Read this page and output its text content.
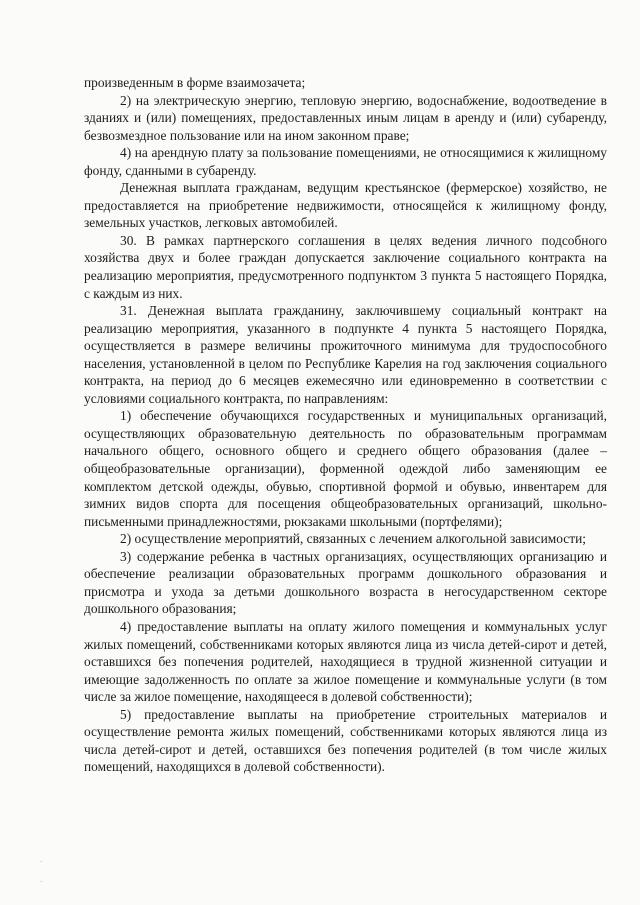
произведенным в форме взаимозачета;

2) на электрическую энергию, тепловую энергию, водоснабжение, водоотведение в зданиях и (или) помещениях, предоставленных иным лицам в аренду и (или) субаренду, безвозмездное пользование или на ином законном праве;

4) на арендную плату за пользование помещениями, не относящимися к жилищному фонду, сданными в субаренду.

Денежная выплата гражданам, ведущим крестьянское (фермерское) хозяйство, не предоставляется на приобретение недвижимости, относящейся к жилищному фонду, земельных участков, легковых автомобилей.

30. В рамках партнерского соглашения в целях ведения личного подсобного хозяйства двух и более граждан допускается заключение социального контракта на реализацию мероприятия, предусмотренного подпунктом 3 пункта 5 настоящего Порядка, с каждым из них.

31. Денежная выплата гражданину, заключившему социальный контракт на реализацию мероприятия, указанного в подпункте 4 пункта 5 настоящего Порядка, осуществляется в размере величины прожиточного минимума для трудоспособного населения, установленной в целом по Республике Карелия на год заключения социального контракта, на период до 6 месяцев ежемесячно или единовременно в соответствии с условиями социального контракта, по направлениям:

1) обеспечение обучающихся государственных и муниципальных организаций, осуществляющих образовательную деятельность по образовательным программам начального общего, основного общего и среднего общего образования (далее – общеобразовательные организации), форменной одеждой либо заменяющим ее комплектом детской одежды, обувью, спортивной формой и обувью, инвентарем для зимних видов спорта для посещения общеобразовательных организаций, школьно-письменными принадлежностями, рюкзаками школьными (портфелями);

2) осуществление мероприятий, связанных с лечением алкогольной зависимости;

3) содержание ребенка в частных организациях, осуществляющих организацию и обеспечение реализации образовательных программ дошкольного образования и присмотра и ухода за детьми дошкольного возраста в негосударственном секторе дошкольного образования;

4) предоставление выплаты на оплату жилого помещения и коммунальных услуг жилых помещений, собственниками которых являются лица из числа детей-сирот и детей, оставшихся без попечения родителей, находящиеся в трудной жизненной ситуации и имеющие задолженность по оплате за жилое помещение и коммунальные услуги (в том числе за жилое помещение, находящееся в долевой собственности);

5) предоставление выплаты на приобретение строительных материалов и осуществление ремонта жилых помещений, собственниками которых являются лица из числа детей-сирот и детей, оставшихся без попечения родителей (в том числе жилых помещений, находящихся в долевой собственности).

·
·
